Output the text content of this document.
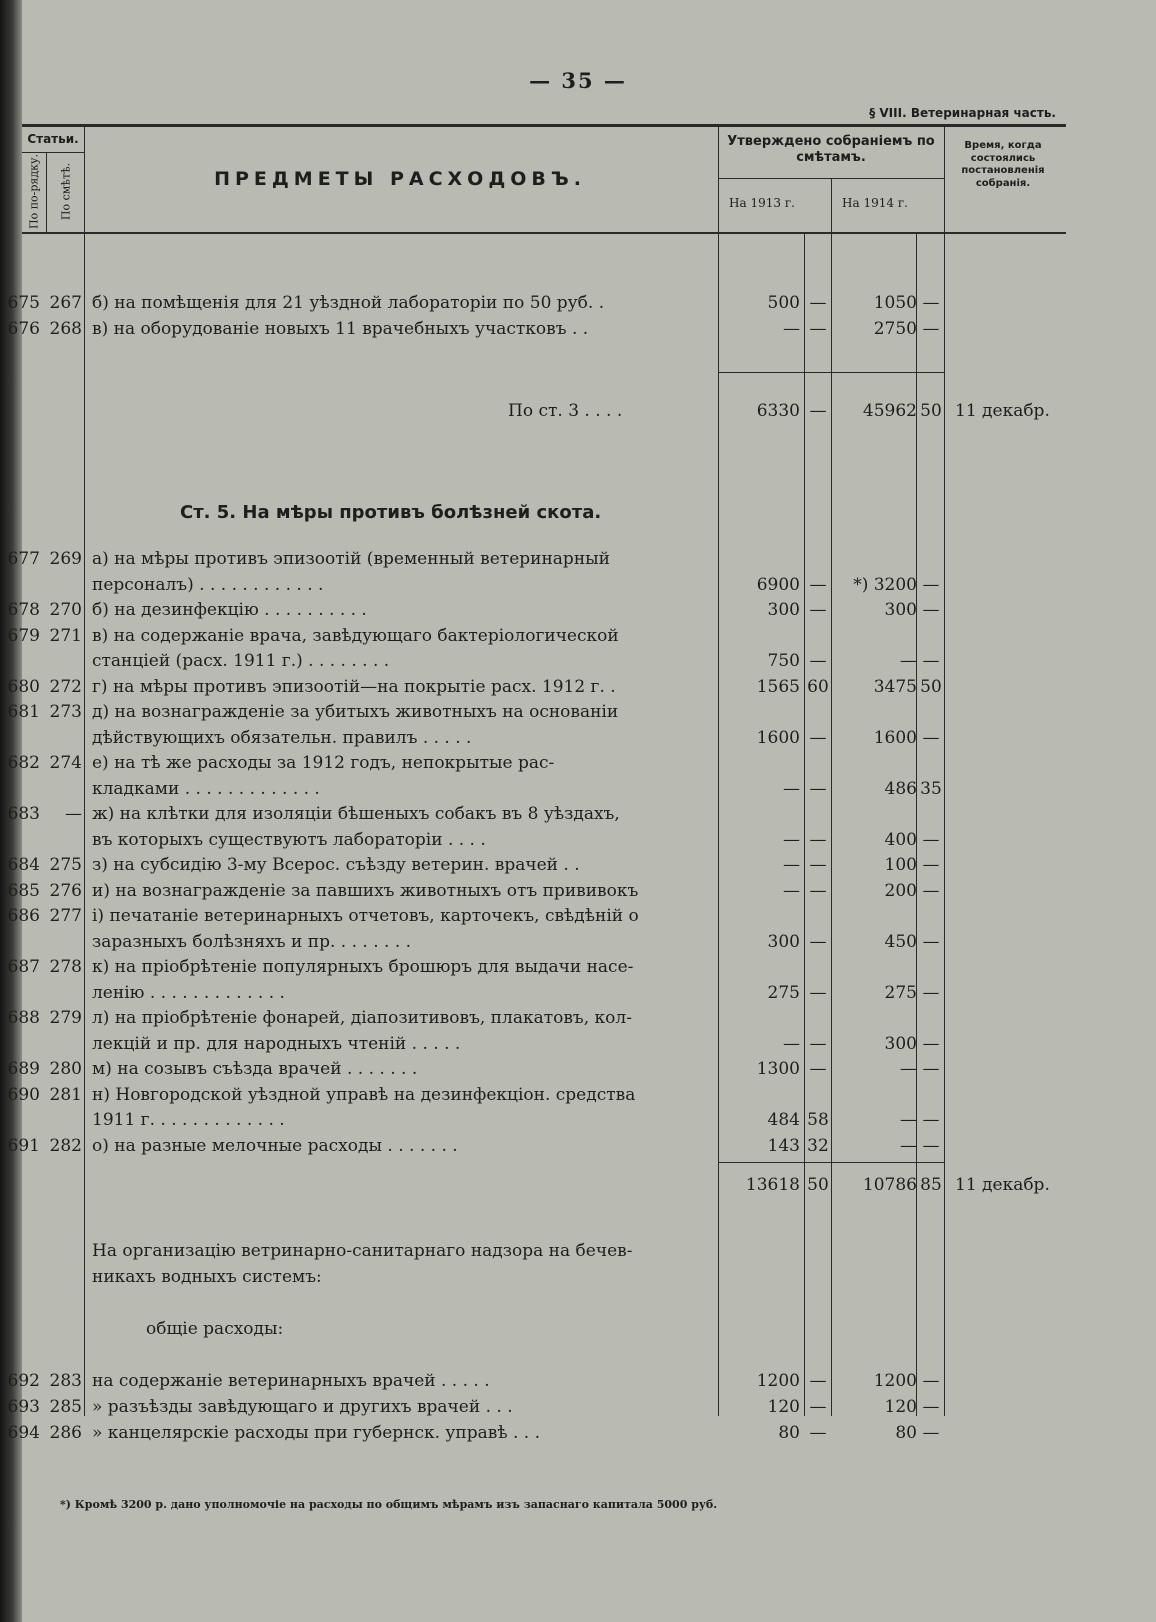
— 35 —
§ VIII. Ветеринарная часть.
Статьи.
По по-рядку. По смѣтѣ.	ПРЕДМЕТЫ РАСХОДОВЪ.
Утверждено собраніемъ по смѣтамъ.
На 1913 г.	На 1914 г.
Время, когда состоялись постановленія собранія.
675 267 б) на помѣщенія для 21 уѣздной лабораторіи по 50 руб. .	500 —	1050 —
676 268 в) на оборудованіе новыхъ 11 врачебныхъ участковъ . .	— —	2750 —
По ст. 3 . . . .	6330 —	45962 50 11 декабр.
Ст. 5. На мѣры противъ болѣзней скота.
677 269 а) на мѣры противъ эпизоотій (временный ветеринарный
персоналъ) . . . . . . . . . . . .	6900 —	*) 3200 —
678 270 б) на дезинфекцію . . . . . . . . . .	300 —	300 —
679 271 в) на содержаніе врача, завѣдующаго бактеріологической
станціей (расх. 1911 г.) . . . . . . . .	750 —	— —
680 272 г) на мѣры противъ эпизоотій—на покрытіе расх. 1912 г. .	1565 60	3475 50
681 273 д) на вознагражденіе за убитыхъ животныхъ на основаніи
дѣйствующихъ обязательн. правилъ . . . . .	1600 —	1600 —
682 274 е) на тѣ же расходы за 1912 годъ, непокрытые рас-
кладками . . . . . . . . . . . . .	— —	486 35
683	— ж) на клѣтки для изоляціи бѣшеныхъ собакъ въ 8 уѣздахъ,
въ которыхъ существуютъ лабораторіи . . . .	— —	400 —
684 275 з) на субсидію 3-му Всерос. съѣзду ветерин. врачей . .	— —	100 —
685 276 и) на вознагражденіе за павшихъ животныхъ отъ прививокъ	— —	200 —
686 277 і) печатаніе ветеринарныхъ отчетовъ, карточекъ, свѣдѣній о
заразныхъ болѣзняхъ и пр. . . . . . . .	300 —	450 —
687 278 к) на пріобрѣтеніе популярныхъ брошюръ для выдачи насе-
ленію . . . . . . . . . . . . .	275 —	275 —
688 279 л) на пріобрѣтеніе фонарей, діапозитивовъ, плакатовъ, кол-
лекцій и пр. для народныхъ чтеній . . . . .	— —	300 —
689 280 м) на созывъ съѣзда врачей . . . . . . .	1300 —	— —
690 281 н) Новгородской уѣздной управѣ на дезинфекціон. средства
1911 г. . . . . . . . . . . . .	484 58	— —
691 282 о) на разные мелочные расходы . . . . . . .	143 32	— —
13618 50	10786 85 11 декабр.
На организацію ветринарно-санитарнаго надзора на бечев-
никахъ водныхъ системъ:
общіе расходы:
692 283 на содержаніе ветеринарныхъ врачей . . . . .	1200 —	1200 —
693 285 » разъѣзды завѣдующаго и другихъ врачей . . .	120 —	120 —
694 286 » канцелярскіе расходы при губернск. управѣ . . .	80 —	80 —
*) Кромѣ 3200 р. дано уполномочіе на расходы по общимъ мѣрамъ изъ запаснаго капитала 5000 руб.
